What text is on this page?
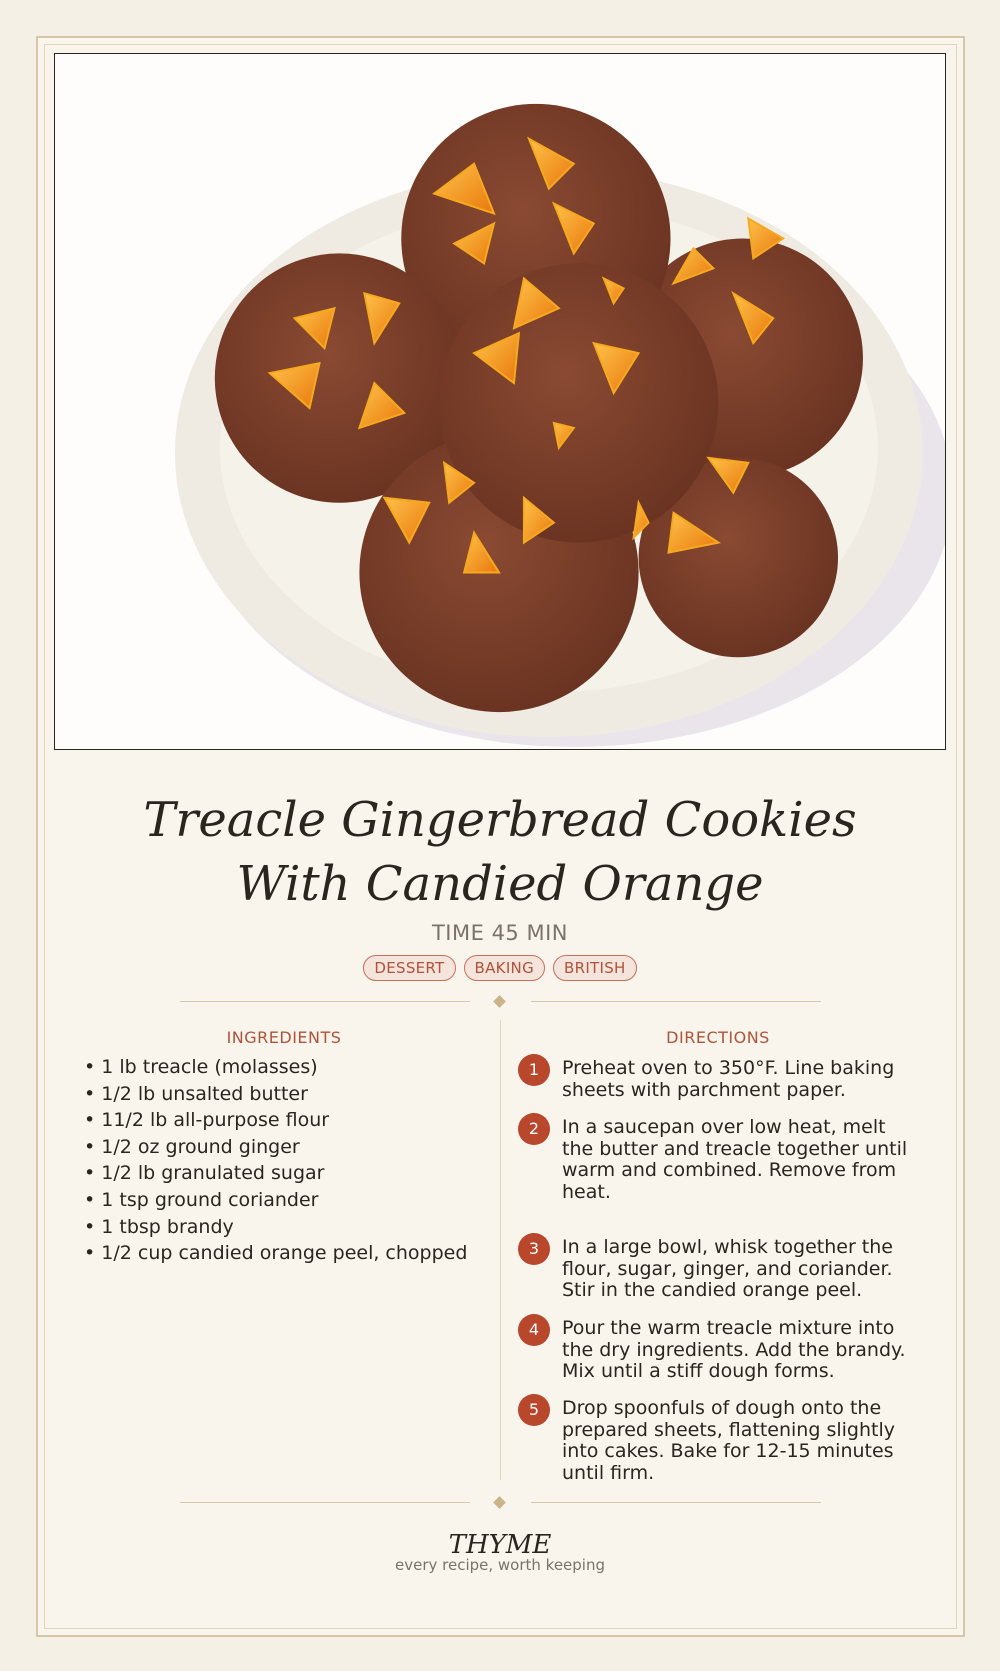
Treacle Gingerbread Cookies With Candied Orange
TIME 45 MIN
DESSERT	BAKING	BRITISH
INGREDIENTS
• 1 lb treacle (molasses)
• 1/2 lb unsalted butter
• 11/2 lb all-purpose flour
• 1/2 oz ground ginger
• 1/2 lb granulated sugar
• 1 tsp ground coriander
• 1 tbsp brandy
• 1/2 cup candied orange peel, chopped
DIRECTIONS
1	Preheat oven to 350°F. Line baking sheets with parchment paper.
2	In a saucepan over low heat, melt the butter and treacle together until warm and combined. Remove from heat.
3	In a large bowl, whisk together the flour, sugar, ginger, and coriander. Stir in the candied orange peel.
4	Pour the warm treacle mixture into the dry ingredients. Add the brandy. Mix until a stiff dough forms.
5	Drop spoonfuls of dough onto the prepared sheets, flattening slightly into cakes. Bake for 12-15 minutes until firm.
THYME
every recipe, worth keeping
